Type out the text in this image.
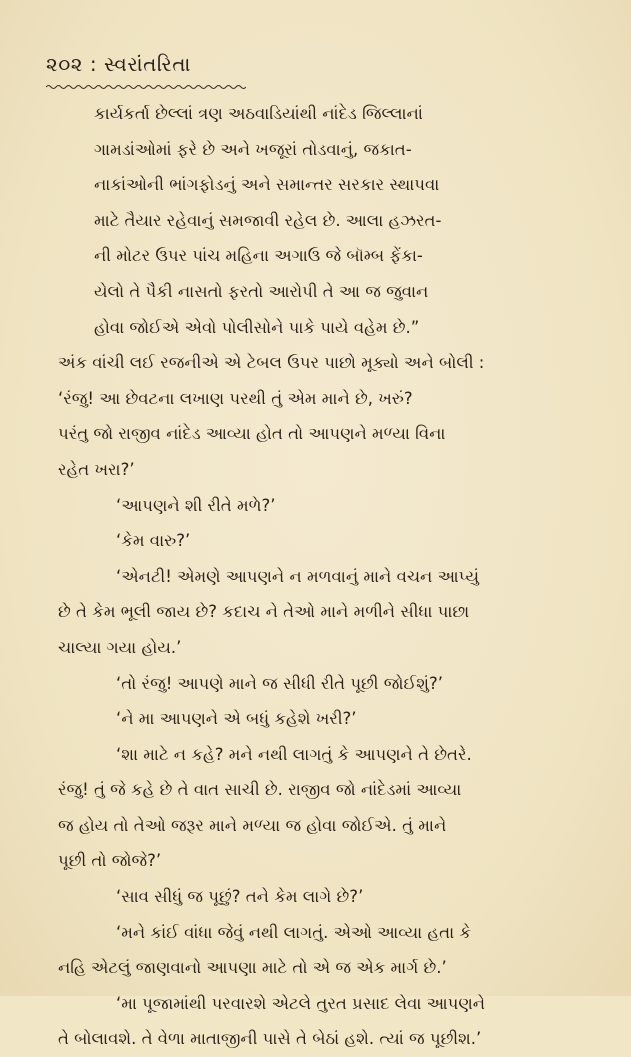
૨૦૨ : સ્વરાંતરિતા
કાર્યકર્તા છેલ્લાં ત્રણ અઠવાડિયાંથી નાંદેડ જિલ્લાનાં
ગામડાંઓમાં ફરે છે અને ખજૂરાં તોડવાનું, જકાત-
નાકાંઓની ભાંગફોડનું અને સમાન્તર સરકાર સ્થાપવા
માટે તૈયાર રહેવાનું સમજાવી રહેલ છે. આલા હઝરત-
ની મોટર ઉપર પાંચ મહિના અગાઉ જે બૉમ્બ ફેંકા-
યેલો તે પૈકી નાસતો ફરતો આરોપી તે આ જ જુવાન
હોવા જોઈએ એવો પોલીસોને પાકે પાયે વહેમ છે.”
અંક વાંચી લઈ રજનીએ એ ટેબલ ઉપર પાછો મૂક્યો અને બોલી :
‘રંજુ! આ છેવટના લખાણ પરથી તું એમ માને છે, ખરું?
પરંતુ જો રાજીવ નાંદેડ આવ્યા હોત તો આપણને મળ્યા વિના
રહેત ખરા?’
‘આપણને શી રીતે મળે?’
‘કેમ વારુ?’
‘એનટી! એમણે આપણને ન મળવાનું માને વચન આપ્યું
છે તે કેમ ભૂલી જાય છે? કદાચ ને તેઓ માને મળીને સીધા પાછા
ચાલ્યા ગયા હોય.’
‘તો રંજુ! આપણે માને જ સીધી રીતે પૂછી જોઈશું?’
‘ને મા આપણને એ બધું કહેશે ખરી?’
‘શા માટે ન કહે? મને નથી લાગતું કે આપણને તે છેતરે.
રંજુ! તું જે કહે છે તે વાત સાચી છે. રાજીવ જો નાંદેડમાં આવ્યા
જ હોય તો તેઓ જરૂર માને મળ્યા જ હોવા જોઈએ. તું માને
પૂછી તો જોજે?’
‘સાવ સીધું જ પૂછું? તને કેમ લાગે છે?’
‘મને કાંઈ વાંધા જેવું નથી લાગતું. એઓ આવ્યા હતા કે
નહિ એટલું જાણવાનો આપણા માટે તો એ જ એક માર્ગ છે.’
‘મા પૂજામાંથી પરવારશે એટલે તુરત પ્રસાદ લેવા આપણને
તે બોલાવશે. તે વેળા માતાજીની પાસે તે બેઠાં હશે. ત્યાં જ પૂછીશ.’
